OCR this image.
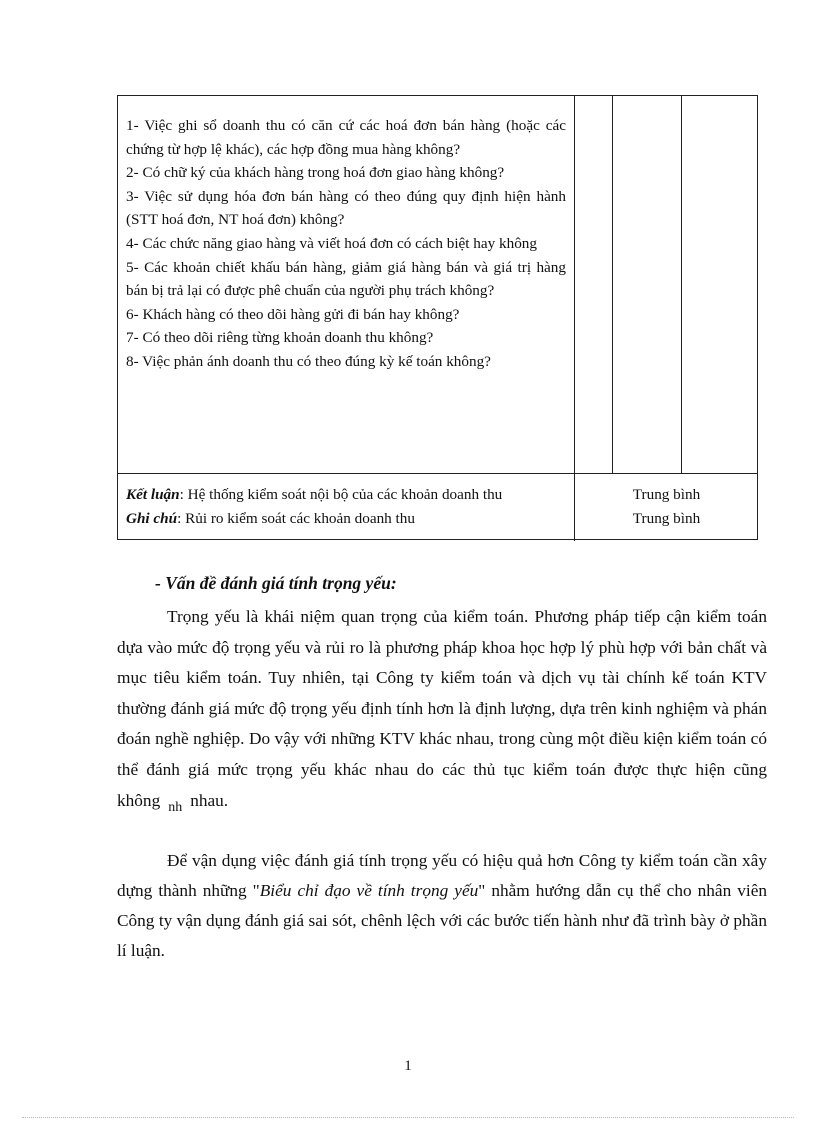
1- Việc ghi sổ doanh thu có căn cứ các hoá đơn bán hàng (hoặc các chứng từ hợp lệ khác), các hợp đồng mua hàng không?

2- Có chữ ký của khách hàng trong hoá đơn giao hàng không?

3- Việc sử dụng hóa đơn bán hàng có theo đúng quy định hiện hành (STT hoá đơn, NT hoá đơn) không?

4- Các chức năng giao hàng và viết hoá đơn có cách biệt hay không

5- Các khoản chiết khấu bán hàng, giảm giá hàng bán và giá trị hàng bán bị trả lại có được phê chuẩn của người phụ trách không?

6- Khách hàng có theo dõi hàng gửi đi bán hay không?

7- Có theo dõi riêng từng khoản doanh thu không?

8- Việc phản ánh doanh thu có theo đúng kỳ kế toán không?

Kết luận: Hệ thống kiểm soát nội bộ của các khoản doanh thu
Ghi chú: Rủi ro kiểm soát các khoản doanh thu
Trung bình
Trung bình
- Vấn đề đánh giá tính trọng yếu:

Trọng yếu là khái niệm quan trọng của kiểm toán. Phương pháp tiếp cận kiểm toán dựa vào mức độ trọng yếu và rủi ro là phương pháp khoa học hợp lý phù hợp với bản chất và mục tiêu kiểm toán. Tuy nhiên, tại Công ty kiểm toán và dịch vụ tài chính kế toán KTV thường đánh giá mức độ trọng yếu định tính hơn là định lượng, dựa trên kinh nghiệm và phán đoán nghề nghiệp. Do vậy với những KTV khác nhau, trong cùng một điều kiện kiểm toán có thể đánh giá mức trọng yếu khác nhau do các thủ tục kiểm toán được thực hiện cũng không $_{nh}$ nhau.

Để vận dụng việc đánh giá tính trọng yếu có hiệu quả hơn Công ty kiểm toán cần xây dựng thành những "Biểu chỉ đạo về tính trọng yếu" nhằm hướng dẫn cụ thể cho nhân viên Công ty vận dụng đánh giá sai sót, chênh lệch với các bước tiến hành như đã trình bày ở phần lí luận.

1
